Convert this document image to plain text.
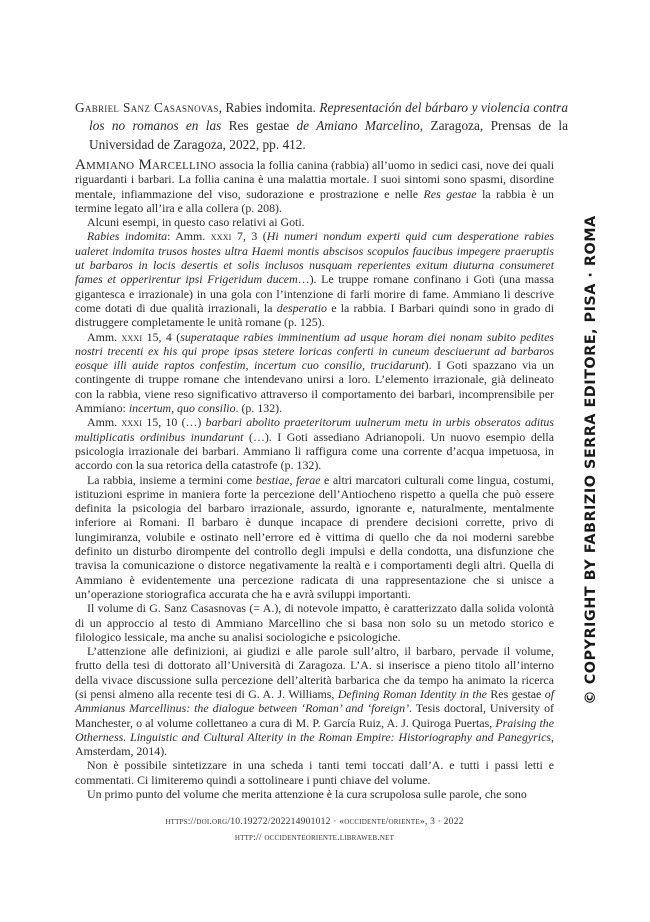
Gabriel Sanz Casasnovas, Rabies indomita. Representación del bárbaro y violencia contra los no romanos en las Res gestae de Amiano Marcelino, Zaragoza, Prensas de la Universidad de Zaragoza, 2022, pp. 412.

Ammiano Marcellino associa la follia canina (rabbia) all’uomo in sedici casi, nove dei quali riguardanti i barbari. La follia canina è una malattia mortale. I suoi sintomi sono spasmi, disordine mentale, infiammazione del viso, sudorazione e prostrazione e nelle Res gestae la rabbia è un termine legato all’ira e alla collera (p. 208).

Alcuni esempi, in questo caso relativi ai Goti.

Rabies indomita: Amm. xxxi 7, 3 (Hi numeri nondum experti quid cum desperatione rabies ualeret indomita trusos hostes ultra Haemi montis abscisos scopulos faucibus impegere praeruptis ut barbaros in locis desertis et solis inclusos nusquam reperientes exitum diuturna consumeret fames et opperirentur ipsi Frigeridum ducem…). Le truppe romane confinano i Goti (una massa gigantesca e irrazionale) in una gola con l’intenzione di farli morire di fame. Ammiano li descrive come dotati di due qualità irrazionali, la desperatio e la rabbia. I Barbari quindi sono in grado di distruggere completamente le unità romane (p. 125).

Amm. xxxi 15, 4 (superataque rabies imminentium ad usque horam diei nonam subito pedites nostri trecenti ex his qui prope ipsas stetere loricas conferti in cuneum desciuerunt ad barbaros eosque illi auide raptos confestim, incertum cuo consilio, trucidarunt). I Goti spazzano via un contingente di truppe romane che intendevano unirsi a loro. L’elemento irrazionale, già delineato con la rabbia, viene reso significativo attraverso il comportamento dei barbari, incomprensibile per Ammiano: incertum, quo consilio. (p. 132).

Amm. xxxi 15, 10 (…) barbari abolito praeteritorum uulnerum metu in urbis obseratos aditus multiplicatis ordinibus inundarunt (…). I Goti assediano Adrianopoli. Un nuovo esempio della psicologia irrazionale dei barbari. Ammiano li raffigura come una corrente d’acqua impetuosa, in accordo con la sua retorica della catastrofe (p. 132).

La rabbia, insieme a termini come bestiae, ferae e altri marcatori culturali come lingua, costumi, istituzioni esprime in maniera forte la percezione dell’Antiocheno rispetto a quella che può essere definita la psicologia del barbaro irrazionale, assurdo, ignorante e, naturalmente, mentalmente inferiore ai Romani. Il barbaro è dunque incapace di prendere decisioni corrette, privo di lungimiranza, volubile e ostinato nell’errore ed è vittima di quello che da noi moderni sarebbe definito un disturbo dirompente del controllo degli impulsi e della condotta, una disfunzione che travisa la comunicazione o distorce negativamente la realtà e i comportamenti degli altri. Quella di Ammiano è evidentemente una percezione radicata di una rappresentazione che si unisce a un’operazione storiografica accurata che ha e avrà sviluppi importanti.

Il volume di G. Sanz Casasnovas (= A.), di notevole impatto, è caratterizzato dalla solida volontà di un approccio al testo di Ammiano Marcellino che si basa non solo su un metodo storico e filologico lessicale, ma anche su analisi sociologiche e psicologiche.

L’attenzione alle definizioni, ai giudizi e alle parole sull’altro, il barbaro, pervade il volume, frutto della tesi di dottorato all’Università di Zaragoza. L’A. si inserisce a pieno titolo all’interno della vivace discussione sulla percezione dell’alterità barbarica che da tempo ha animato la ricerca (si pensi almeno alla recente tesi di G. A. J. Williams, Defining Roman Identity in the Res gestae of Ammianus Marcellinus: the dialogue between ‘Roman’ and ‘foreign’. Tesis doctoral, University of Manchester, o al volume collettaneo a cura di M. P. García Ruiz, A. J. Quiroga Puertas, Praising the Otherness. Linguistic and Cultural Alterity in the Roman Empire: Historiography and Panegyrics, Amsterdam, 2014).

Non è possibile sintetizzare in una scheda i tanti temi toccati dall’A. e tutti i passi letti e commentati. Ci limiteremo quindi a sottolineare i punti chiave del volume.

Un primo punto del volume che merita attenzione è la cura scrupolosa sulle parole, che sono

https://doi.org/10.19272/202214901012 · «occidente/oriente», 3 · 2022
http:// occidenteoriente.libraweb.net
© COPYRIGHT BY FABRIZIO SERRA EDITORE, PISA · ROMA
